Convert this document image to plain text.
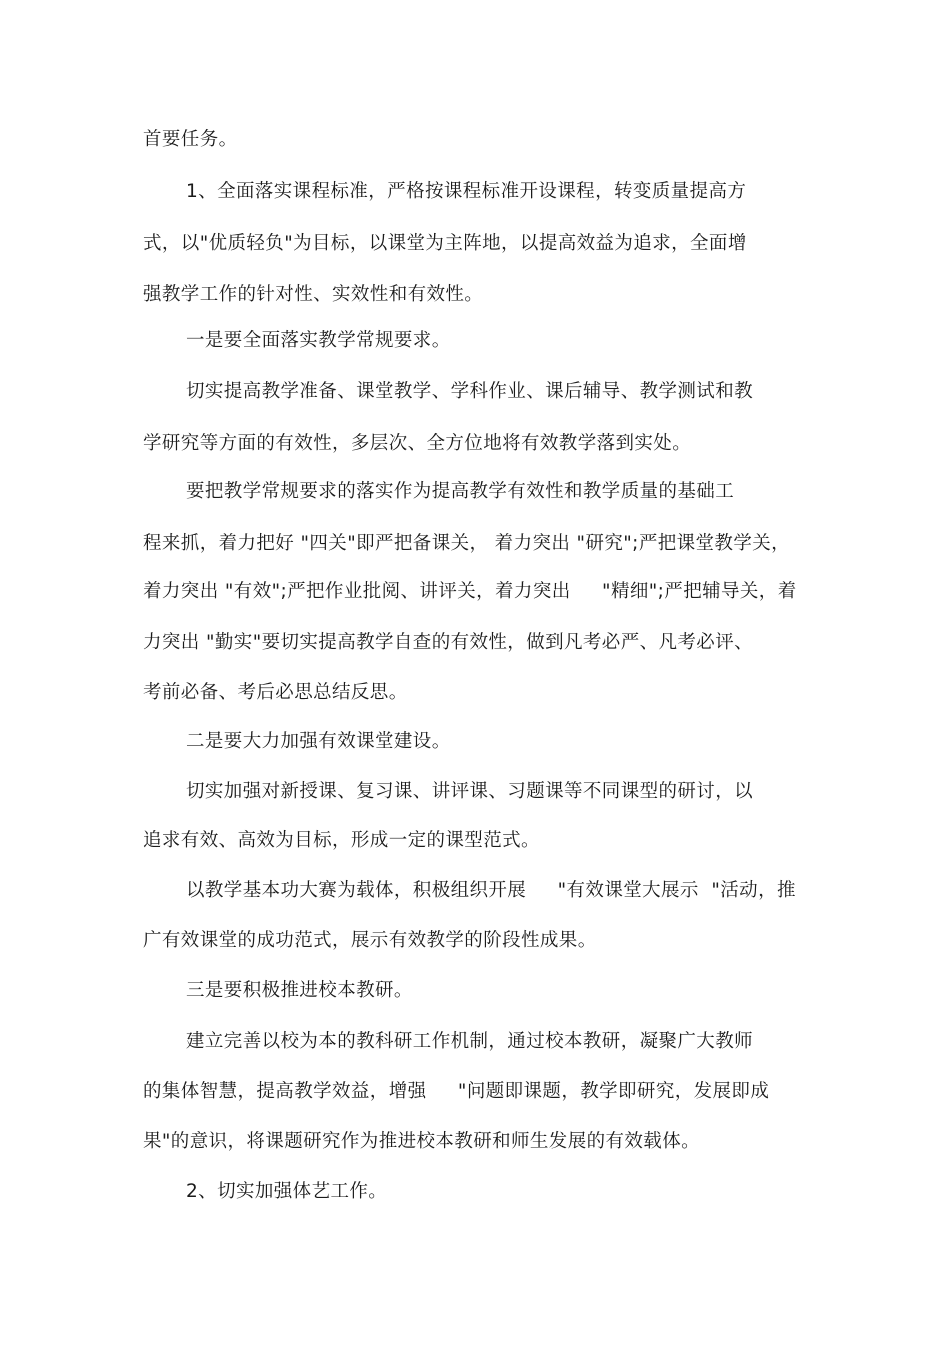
首要任务。

1、全面落实课程标准，严格按课程标准开设课程，转变质量提高方

式，以"优质轻负"为目标，以课堂为主阵地，以提高效益为追求，全面增

强教学工作的针对性、实效性和有效性。

一是要全面落实教学常规要求。

切实提高教学准备、课堂教学、学科作业、课后辅导、教学测试和教

学研究等方面的有效性，多层次、全方位地将有效教学落到实处。

要把教学常规要求的落实作为提高教学有效性和教学质量的基础工

程来抓，着力把好 "四关"即严把备课关， 着力突出 "研究";严把课堂教学关，

着力突出 "有效";严把作业批阅、讲评关，着力突出     "精细";严把辅导关，着

力突出 "勤实"要切实提高教学自查的有效性，做到凡考必严、凡考必评、

考前必备、考后必思总结反思。

二是要大力加强有效课堂建设。

切实加强对新授课、复习课、讲评课、习题课等不同课型的研讨，以

追求有效、高效为目标，形成一定的课型范式。

以教学基本功大赛为载体，积极组织开展     "有效课堂大展示  "活动，推

广有效课堂的成功范式，展示有效教学的阶段性成果。

三是要积极推进校本教研。

建立完善以校为本的教科研工作机制，通过校本教研，凝聚广大教师

的集体智慧，提高教学效益，增强     "问题即课题，教学即研究，发展即成

果"的意识，将课题研究作为推进校本教研和师生发展的有效载体。

2、切实加强体艺工作。
